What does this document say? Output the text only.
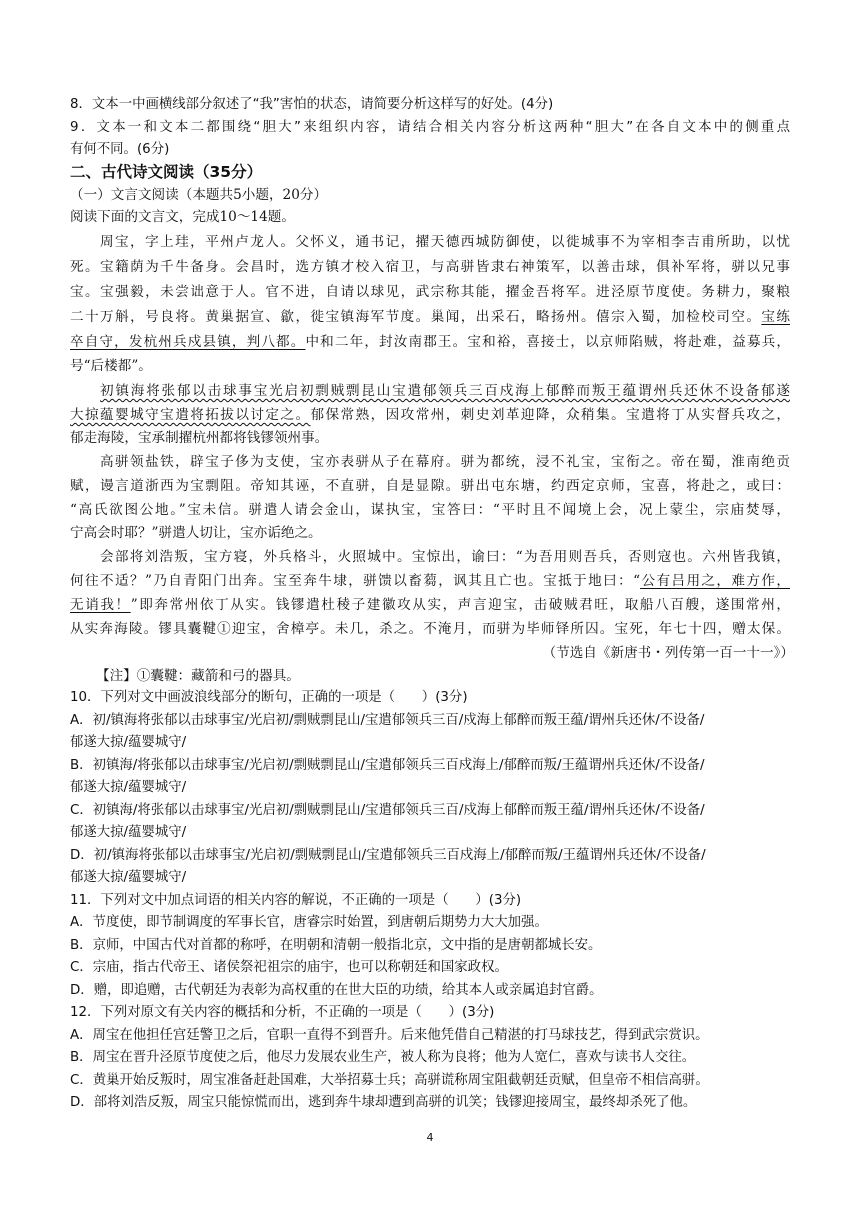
8．文本一中画横线部分叙述了“我”害怕的状态，请简要分析这样写的好处。(4分)
9．文本一和文本二都围绕“胆大”来组织内容，请结合相关内容分析这两种“胆大”在各自文本中的侧重点
有何不同。(6分)
二、古代诗文阅读（35分）
（一）文言文阅读（本题共5小题，20分）
阅读下面的文言文，完成10～14题。
周宝，字上珪，平州卢龙人。父怀义，通书记，擢天德西城防御使，以徙城事不为宰相李吉甫所助，以忧
死。宝籍荫为千牛备身。会昌时，选方镇才校入宿卫，与高骈皆隶右神策军，以善击球，俱补军将，骈以兄事
宝。宝强毅，未尝诎意于人。官不进，自请以球见，武宗称其能，擢金吾将军。进泾原节度使。务耕力，聚粮
二十万斛，号良将。黄巢据宣、歙，徙宝镇海军节度。巢闻，出采石，略扬州。僖宗入蜀，加检校司空。宝练
卒自守，发杭州兵戍县镇，判八都。中和二年，封汝南郡王。宝和裕，喜接士，以京师陷贼，将赴难，益募兵，
号“后楼都”。
初镇海将张郁以击球事宝光启初剽贼剽昆山宝遣郁领兵三百戍海上郁醉而叛王蕴谓州兵还休不设备郁遂
大掠蕴婴城守宝遣将拓拔以讨定之。郁保常熟，因攻常州，刺史刘革迎降，众稍集。宝遣将丁从实督兵攻之，
郁走海陵，宝承制擢杭州都将钱镠领州事。
高骈领盐铁，辟宝子侈为支使，宝亦表骈从子在幕府。骈为都统，浸不礼宝，宝衔之。帝在蜀，淮南绝贡
赋，谩言道浙西为宝剽阻。帝知其诬，不直骈，自是显隙。骈出屯东塘，约西定京师，宝喜，将赴之，或曰：
“高氏欲图公地。”宝未信。骈遣人请会金山，谋执宝，宝答曰：“平时且不闻境上会，况上蒙尘，宗庙焚辱，
宁高会时耶？”骈遣人切让，宝亦诟绝之。
会部将刘浩叛，宝方寝，外兵格斗，火照城中。宝惊出，谕曰：“为吾用则吾兵，否则寇也。六州皆我镇，
何往不适？”乃自青阳门出奔。宝至奔牛埭，骈馈以畜蒭，讽其且亡也。宝抵于地曰：“公有吕用之，难方作，
无诮我！”即奔常州依丁从实。钱镠遣杜稜子建徽攻从实，声言迎宝，击破贼君旺，取船八百艘，遂围常州，
从实奔海陵。镠具囊鞬①迎宝，舍樟亭。未几，杀之。不淹月，而骈为毕师铎所囚。宝死，年七十四，赠太保。
（节选自《新唐书・列传第一百一十一》）
【注】①囊鞬：藏箭和弓的器具。
10．下列对文中画波浪线部分的断句，正确的一项是（　　）(3分)
A．初/镇海将张郁以击球事宝/光启初/剽贼剽昆山/宝遣郁领兵三百/戍海上郁醉而叛王蕴/谓州兵还休/不设备/
郁遂大掠/蕴婴城守/
B．初镇海/将张郁以击球事宝/光启初/剽贼剽昆山/宝遣郁领兵三百戍海上/郁醉而叛/王蕴谓州兵还休/不设备/
郁遂大掠/蕴婴城守/
C．初镇海/将张郁以击球事宝/光启初/剽贼剽昆山/宝遣郁领兵三百/戍海上郁醉而叛王蕴/谓州兵还休/不设备/
郁遂大掠/蕴婴城守/
D．初/镇海将张郁以击球事宝/光启初/剽贼剽昆山/宝遣郁领兵三百戍海上/郁醉而叛/王蕴谓州兵还休/不设备/
郁遂大掠/蕴婴城守/
11．下列对文中加点词语的相关内容的解说，不正确的一项是（　　）(3分)
A．节度使，即节制调度的军事长官，唐睿宗时始置，到唐朝后期势力大大加强。
B．京师，中国古代对首都的称呼，在明朝和清朝一般指北京，文中指的是唐朝都城长安。
C．宗庙，指古代帝王、诸侯祭祀祖宗的庙宇，也可以称朝廷和国家政权。
D．赠，即追赠，古代朝廷为表彰为高权重的在世大臣的功绩，给其本人或亲属追封官爵。
12．下列对原文有关内容的概括和分析，不正确的一项是（　　）(3分)
A．周宝在他担任宫廷警卫之后，官职一直得不到晋升。后来他凭借自己精湛的打马球技艺，得到武宗赏识。
B．周宝在晋升泾原节度使之后，他尽力发展农业生产，被人称为良将；他为人宽仁，喜欢与读书人交往。
C．黄巢开始反叛时，周宝准备赶赴国难，大举招募士兵；高骈谎称周宝阻截朝廷贡赋，但皇帝不相信高骈。
D．部将刘浩反叛，周宝只能惊慌而出，逃到奔牛埭却遭到高骈的讥笑；钱镠迎接周宝，最终却杀死了他。
4
